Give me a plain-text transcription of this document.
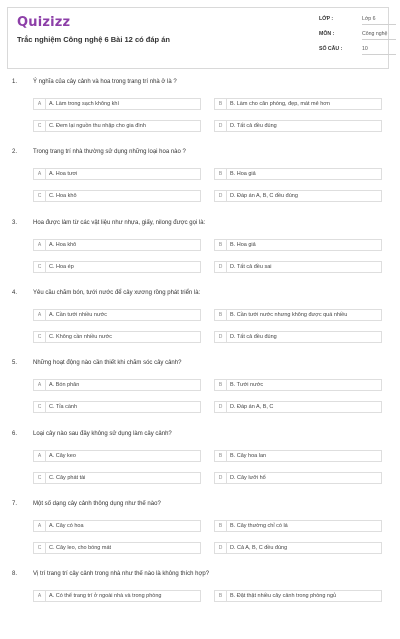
Quizizz
Trắc nghiệm Công nghệ 6 Bài 12 có đáp án
LỚP :	Lớp 6
MÔN :	Công nghệ
SỐ CÂU :	10
1.	Ý nghĩa của cây cảnh và hoa trong trang trí nhà ở là ?
A	A. Làm trong sạch không khí	B	B. Làm cho căn phòng, đẹp, mát mẻ hơn
C	C. Đem lại nguồn thu nhập cho gia đình	D	D. Tất cả đều đúng
2.	Trong trang trí nhà thường sử dụng những loại hoa nào ?
A	A. Hoa tươi	B	B. Hoa giả
C	C. Hoa khô	D	D. Đáp án A, B, C đều đúng
3.	Hoa được làm từ các vật liệu như nhựa, giấy, nilong được gọi là:
A	A. Hoa khô	B	B. Hoa giả
C	C. Hoa ép	D	D. Tất cả đều sai
4.	Yêu cầu chăm bón, tưới nước để cây xương rồng phát triển là:
A	A. Cần tưới nhiều nước	B	B. Cần tưới nước nhưng không được quá nhiều
C	C. Không cần nhiều nước	D	D. Tất cả đều đúng
5.	Những hoạt động nào cần thiết khi chăm sóc cây cảnh?
A	A. Bón phân	B	B. Tưới nước
C	C. Tỉa cành	D	D. Đáp án A, B, C
6.	Loại cây nào sau đây không sử dụng làm cây cảnh?
A	A. Cây keo	B	B. Cây hoa lan
C	C. Cây phát tài	D	D. Cây lưỡi hổ
7.	Một số dạng cây cảnh thông dụng như thế nào?
A	A. Cây có hoa	B	B. Cây thường chỉ có lá
C	C. Cây leo, cho bóng mát	D	D. Cả A, B, C đều đúng
8.	Vị trí trang trí cây cảnh trong nhà như thế nào là không thích hợp?
A	A. Có thể trang trí ở ngoài nhà và trong phòng	B	B. Đặt thật nhiều cây cảnh trong phòng ngủ
